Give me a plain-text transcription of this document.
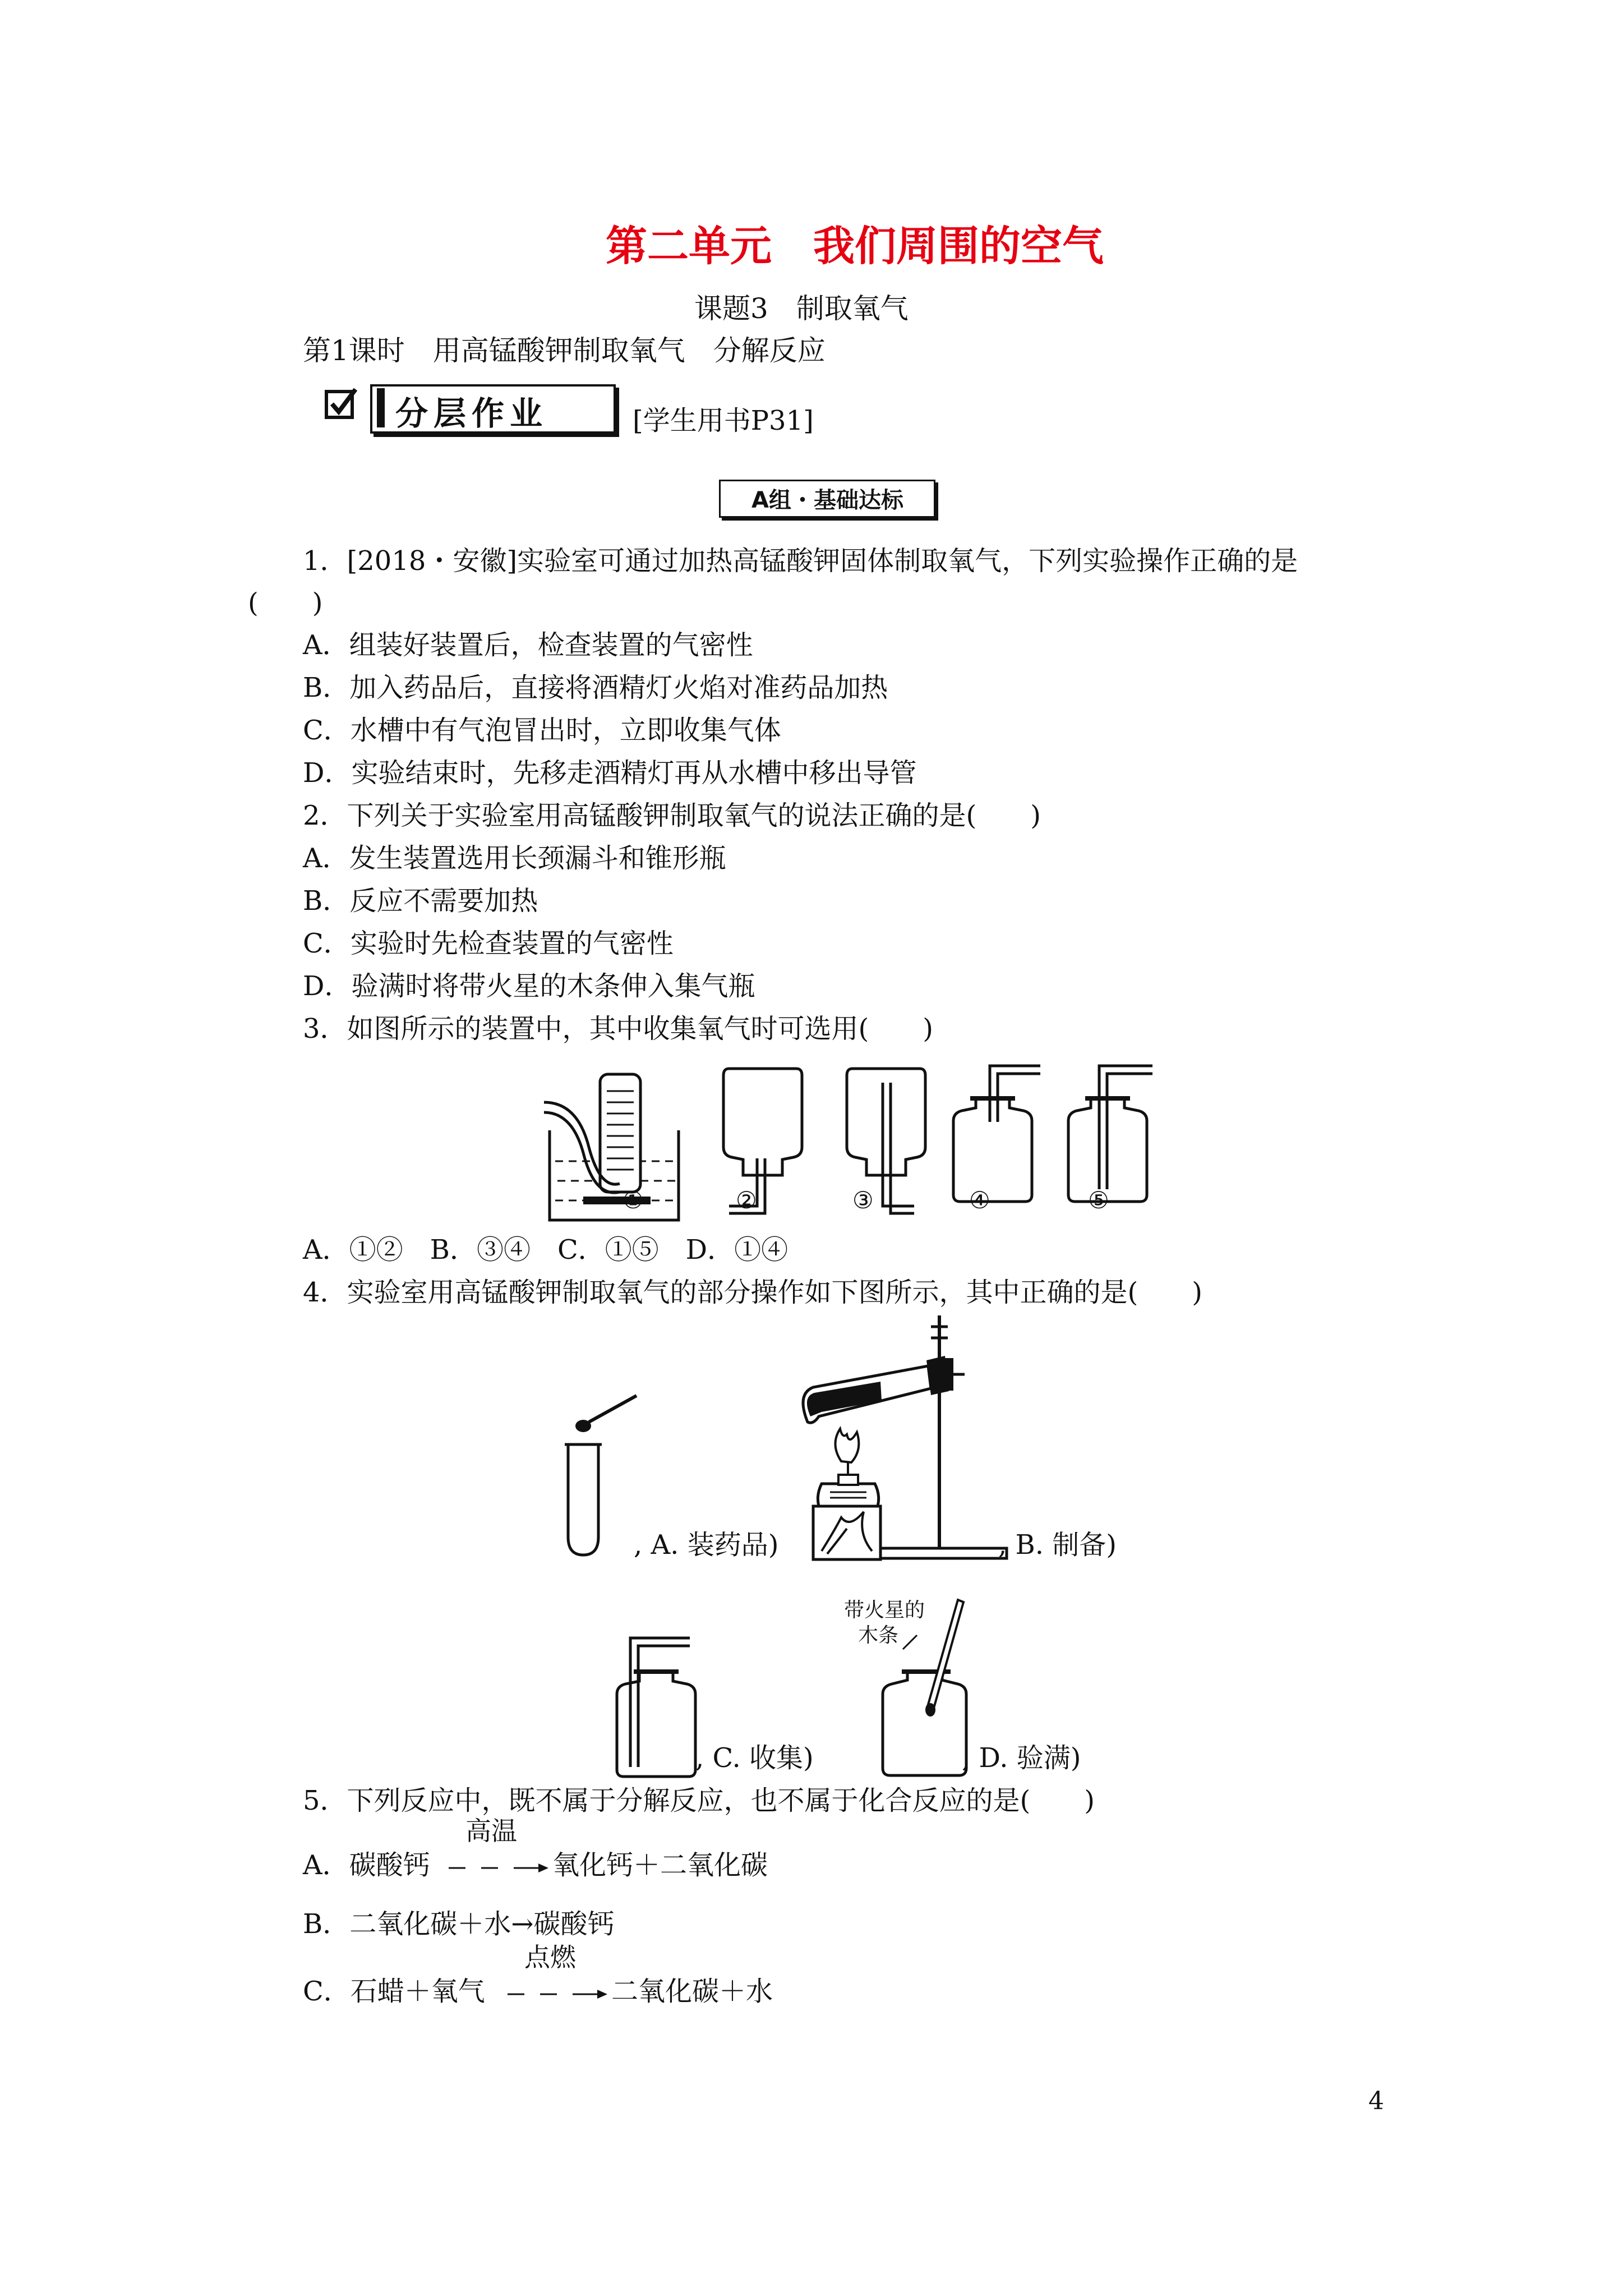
第二单元　我们周围的空气
课题3　制取氧气
第1课时　用高锰酸钾制取氧气　分解反应
分层作业	[学生用书P31]
A组・基础达标
1．[2018・安徽]实验室可通过加热高锰酸钾固体制取氧气，下列实验操作正确的是
(　　)
A．组装好装置后，检查装置的气密性
B．加入药品后，直接将酒精灯火焰对准药品加热
C．水槽中有气泡冒出时，立即收集气体
D．实验结束时，先移走酒精灯再从水槽中移出导管
2．下列关于实验室用高锰酸钾制取氧气的说法正确的是(　　)
A．发生装置选用长颈漏斗和锥形瓶
B．反应不需要加热
C．实验时先检查装置的气密性
D．验满时将带火星的木条伸入集气瓶
3．如图所示的装置中，其中收集氧气时可选用(　　)
①	②	③	④	⑤
A．①②　B．③④　C．①⑤　D．①④
4．实验室用高锰酸钾制取氧气的部分操作如下图所示，其中正确的是(　　)
, A. 装药品)	, B. 制备)
, C. 收集)
带火星的
木条
, D. 验满)
5．下列反应中，既不属于分解反应，也不属于化合反应的是(　　)
A．碳酸钙
高温
氧化钙＋二氧化碳
B．二氧化碳＋水→碳酸钙
C．石蜡＋氧气
点燃
二氧化碳＋水
4
